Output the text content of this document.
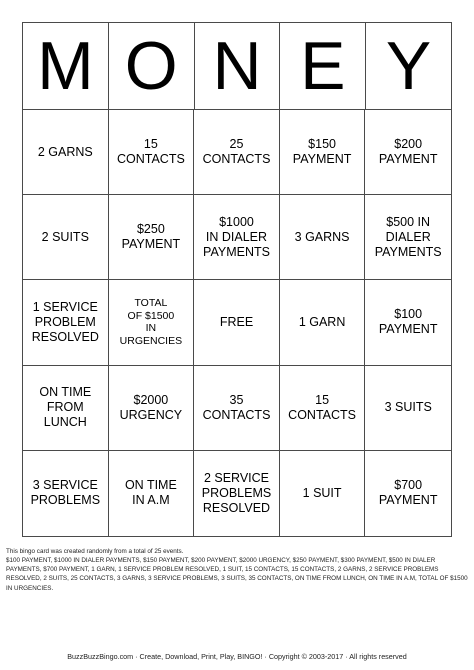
M O N E Y
2 GARNS
15
CONTACTS
25
CONTACTS
$150
PAYMENT
$200
PAYMENT
2 SUITS
$250
PAYMENT
$1000
IN DIALER
PAYMENTS
3 GARNS
$500 IN
DIALER
PAYMENTS
1 SERVICE
PROBLEM
RESOLVED
TOTAL
OF $1500
IN
URGENCIES
FREE	1 GARN
$100
PAYMENT
ON TIME
FROM
LUNCH
$2000
URGENCY
35
CONTACTS
15
CONTACTS
3 SUITS
3 SERVICE
PROBLEMS
ON TIME
IN A.M
2 SERVICE
PROBLEMS
RESOLVED
1 SUIT
$700
PAYMENT
This bingo card was created randomly from a total of 25 events.
$100 PAYMENT, $1000 IN DIALER PAYMENTS, $150 PAYMENT, $200 PAYMENT, $2000 URGENCY, $250 PAYMENT, $300 PAYMENT, $500 IN DIALER PAYMENTS, $700 PAYMENT, 1 GARN, 1 SERVICE PROBLEM RESOLVED, 1 SUIT, 15 CONTACTS, 15 CONTACTS, 2 GARNS, 2 SERVICE PROBLEMS RESOLVED, 2 SUITS, 25 CONTACTS, 3 GARNS, 3 SERVICE PROBLEMS, 3 SUITS, 35 CONTACTS, ON TIME FROM LUNCH, ON TIME IN A.M, TOTAL OF $1500 IN URGENCIES.
BuzzBuzzBingo.com · Create, Download, Print, Play, BINGO! · Copyright © 2003-2017 · All rights reserved
